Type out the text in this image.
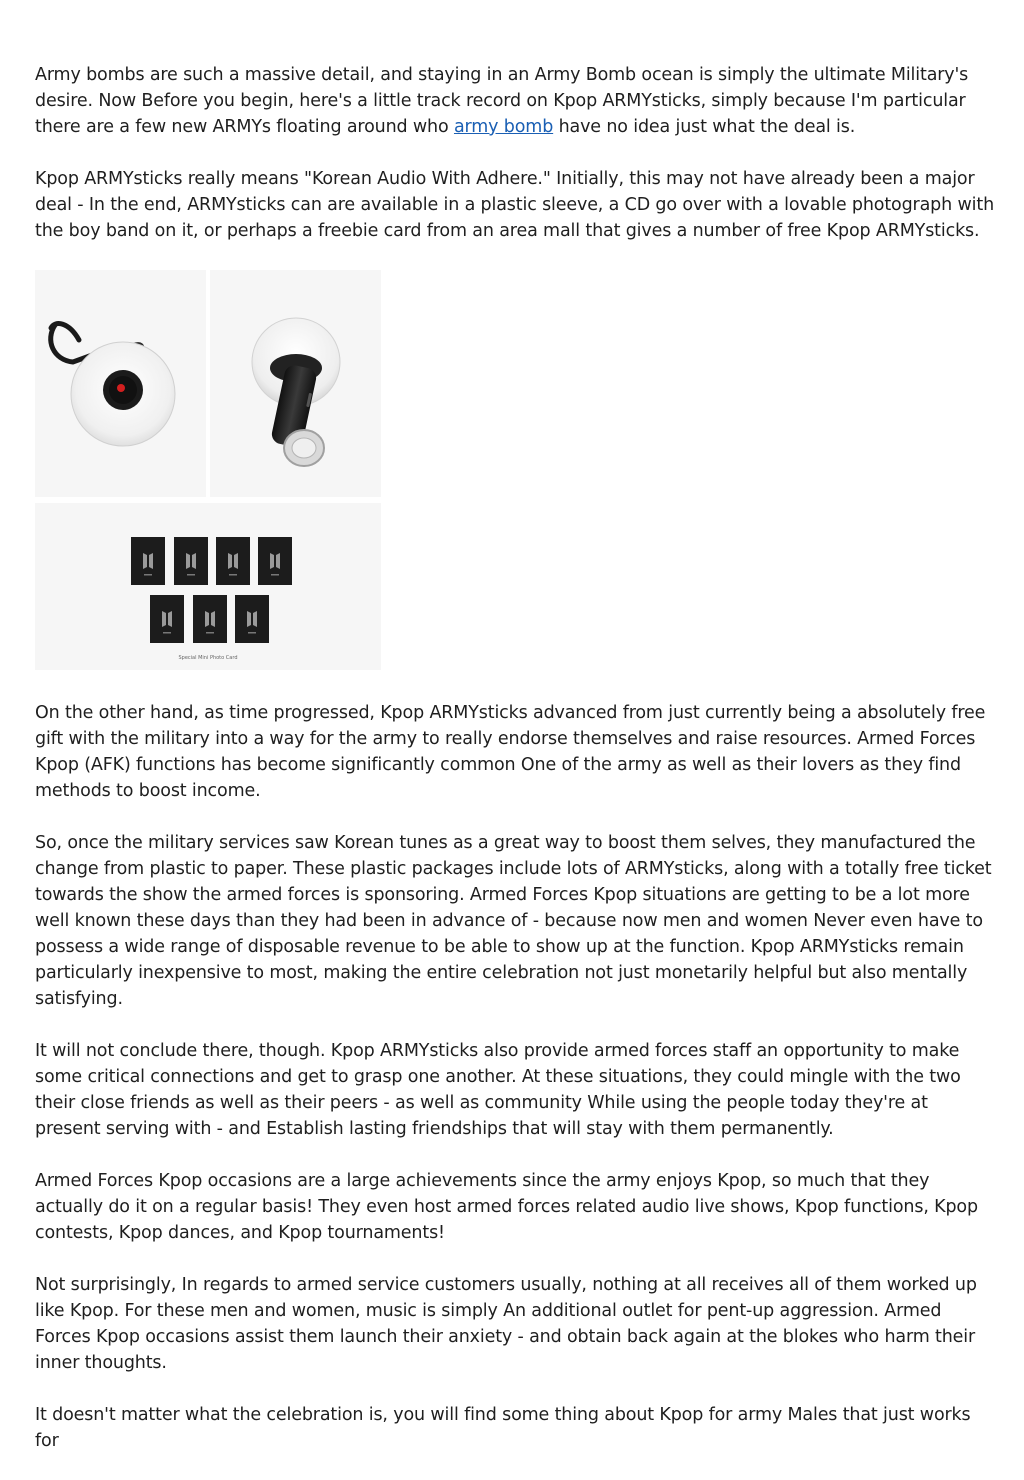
Army bombs are such a massive detail, and staying in an Army Bomb ocean is simply the ultimate Military's desire. Now Before you begin, here's a little track record on Kpop ARMYsticks, simply because I'm particular there are a few new ARMYs floating around who army bomb have no idea just what the deal is.

Kpop ARMYsticks really means "Korean Audio With Adhere." Initially, this may not have already been a major deal - In the end, ARMYsticks can are available in a plastic sleeve, a CD go over with a lovable photograph with the boy band on it, or perhaps a freebie card from an area mall that gives a number of free Kpop ARMYsticks.

Special Mini Photo Card

On the other hand, as time progressed, Kpop ARMYsticks advanced from just currently being a absolutely free gift with the military into a way for the army to really endorse themselves and raise resources. Armed Forces Kpop (AFK) functions has become significantly common One of the army as well as their lovers as they find methods to boost income.

So, once the military services saw Korean tunes as a great way to boost them selves, they manufactured the change from plastic to paper. These plastic packages include lots of ARMYsticks, along with a totally free ticket towards the show the armed forces is sponsoring. Armed Forces Kpop situations are getting to be a lot more well known these days than they had been in advance of - because now men and women Never even have to possess a wide range of disposable revenue to be able to show up at the function. Kpop ARMYsticks remain particularly inexpensive to most, making the entire celebration not just monetarily helpful but also mentally satisfying.

It will not conclude there, though. Kpop ARMYsticks also provide armed forces staff an opportunity to make some critical connections and get to grasp one another. At these situations, they could mingle with the two their close friends as well as their peers - as well as community While using the people today they're at present serving with - and Establish lasting friendships that will stay with them permanently.

Armed Forces Kpop occasions are a large achievements since the army enjoys Kpop, so much that they actually do it on a regular basis! They even host armed forces related audio live shows, Kpop functions, Kpop contests, Kpop dances, and Kpop tournaments!

Not surprisingly, In regards to armed service customers usually, nothing at all receives all of them worked up like Kpop. For these men and women, music is simply An additional outlet for pent-up aggression. Armed Forces Kpop occasions assist them launch their anxiety - and obtain back again at the blokes who harm their inner thoughts.

It doesn't matter what the celebration is, you will find some thing about Kpop for army Males that just works for
